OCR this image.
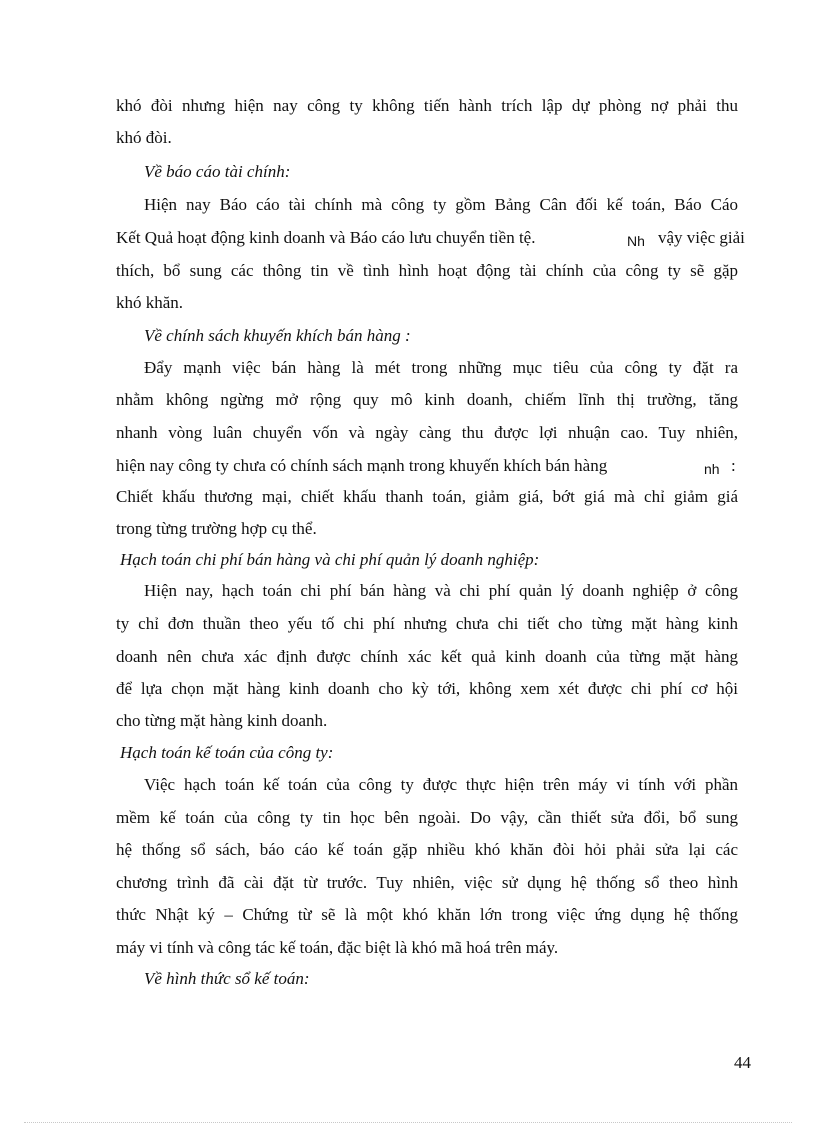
khó đòi nhưng hiện nay công ty không tiến hành trích lập dự phòng nợ phải thu
khó đòi.
Về báo cáo tài chính:
Hiện nay Báo cáo tài chính mà công ty gồm Bảng Cân đối kế toán, Báo Cáo
Kết Quả hoạt động kinh doanh và Báo cáo lưu chuyển tiền tệ.	Nh vậy việc giải
thích, bổ sung các thông tin về tình hình hoạt động tài chính của công ty sẽ gặp
khó khăn.
Về chính sách khuyến khích bán hàng :
Đẩy mạnh việc bán hàng là mét trong những mục tiêu của công ty đặt ra
nhằm không ngừng mở rộng quy mô kinh doanh, chiếm lĩnh thị trường, tăng
nhanh vòng luân chuyển vốn và ngày càng thu được lợi nhuận cao. Tuy nhiên,
hiện nay công ty chưa có chính sách mạnh trong khuyến khích bán hàng	nh :
Chiết khấu thương mại, chiết khấu thanh toán, giảm giá, bớt giá mà chỉ giảm giá
trong từng trường hợp cụ thể.
Hạch toán chi phí bán hàng và chi phí quản lý doanh nghiệp:
Hiện nay, hạch toán chi phí bán hàng và chi phí quản lý doanh nghiệp ở công
ty chỉ đơn thuần theo yếu tố chi phí nhưng chưa chi tiết cho từng mặt hàng kinh
doanh nên chưa xác định được chính xác kết quả kinh doanh của từng mặt hàng
để lựa chọn mặt hàng kinh doanh cho kỳ tới, không xem xét được chi phí cơ hội
cho từng mặt hàng kinh doanh.
Hạch toán kế toán của công ty:
Việc hạch toán kế toán của công ty được thực hiện trên máy vi tính với phần
mềm kế toán của công ty tin học bên ngoài. Do vậy, cần thiết sửa đổi, bổ sung
hệ thống sổ sách, báo cáo kế toán gặp nhiều khó khăn đòi hỏi phải sửa lại các
chương trình đã cài đặt từ trước. Tuy nhiên, việc sử dụng hệ thống sổ theo hình
thức Nhật ký – Chứng từ sẽ là một khó khăn lớn trong việc ứng dụng hệ thống
máy vi tính và công tác kế toán, đặc biệt là khó mã hoá trên máy.
Về hình thức sổ kế toán:
44
